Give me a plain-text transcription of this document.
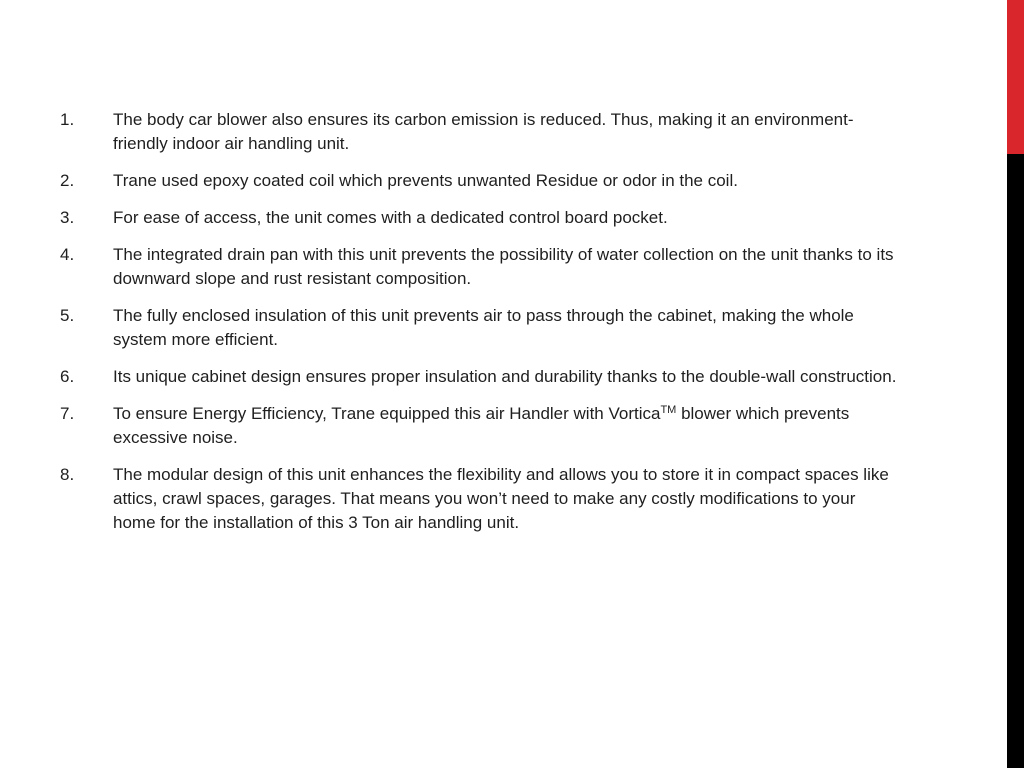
1.	The body car blower also ensures its carbon emission is reduced. Thus, making it an environment-friendly indoor air handling unit.
2.	Trane used epoxy coated coil which prevents unwanted Residue or odor in the coil.
3.	For ease of access, the unit comes with a dedicated control board pocket.
4.	The integrated drain pan with this unit prevents the possibility of water collection on the unit thanks to its downward slope and rust resistant composition.
5.	The fully enclosed insulation of this unit prevents air to pass through the cabinet, making the whole system more efficient.
6.	Its unique cabinet design ensures proper insulation and durability thanks to the double-wall construction.
7.	To ensure Energy Efficiency, Trane equipped this air Handler with Vortica™ blower which prevents excessive noise.
8.	The modular design of this unit enhances the flexibility and allows you to store it in compact spaces like attics, crawl spaces, garages. That means you won’t need to make any costly modifications to your home for the installation of this 3 Ton air handling unit.
